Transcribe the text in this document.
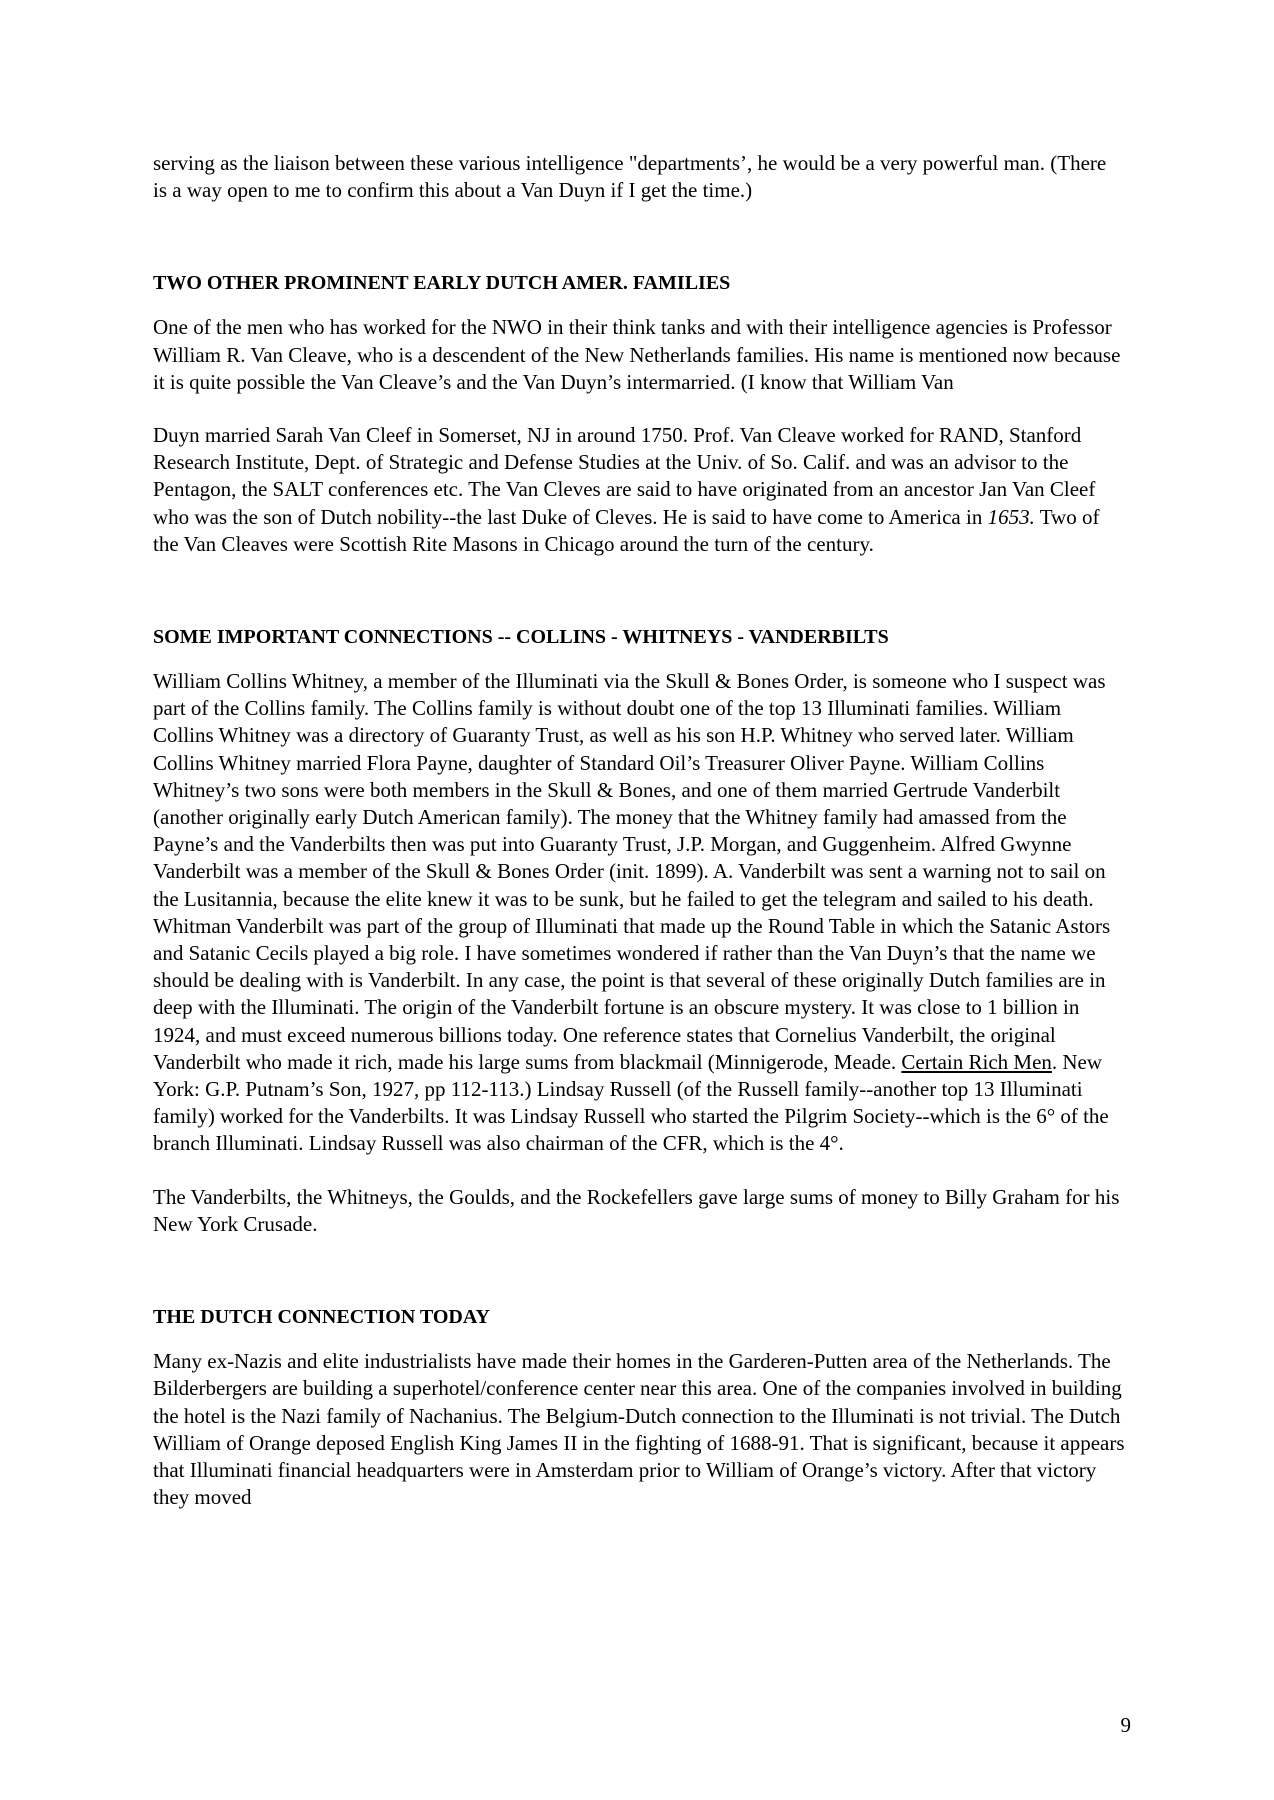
serving as the liaison between these various intelligence "departments’, he would be a very powerful man. (There is a way open to me to confirm this about a Van Duyn if I get the time.)

TWO OTHER PROMINENT EARLY DUTCH AMER. FAMILIES

One of the men who has worked for the NWO in their think tanks and with their intelligence agencies is Professor William R. Van Cleave, who is a descendent of the New Netherlands families. His name is mentioned now because it is quite possible the Van Cleave’s and the Van Duyn’s intermarried. (I know that William Van

Duyn married Sarah Van Cleef in Somerset, NJ in around 1750. Prof. Van Cleave worked for RAND, Stanford Research Institute, Dept. of Strategic and Defense Studies at the Univ. of So. Calif. and was an advisor to the Pentagon, the SALT conferences etc. The Van Cleves are said to have originated from an ancestor Jan Van Cleef who was the son of Dutch nobility--the last Duke of Cleves. He is said to have come to America in 1653. Two of the Van Cleaves were Scottish Rite Masons in Chicago around the turn of the century.

SOME IMPORTANT CONNECTIONS -- COLLINS - WHITNEYS - VANDERBILTS

William Collins Whitney, a member of the Illuminati via the Skull & Bones Order, is someone who I suspect was part of the Collins family. The Collins family is without doubt one of the top 13 Illuminati families. William Collins Whitney was a directory of Guaranty Trust, as well as his son H.P. Whitney who served later. William Collins Whitney married Flora Payne, daughter of Standard Oil’s Treasurer Oliver Payne. William Collins Whitney’s two sons were both members in the Skull & Bones, and one of them married Gertrude Vanderbilt (another originally early Dutch American family). The money that the Whitney family had amassed from the Payne’s and the Vanderbilts then was put into Guaranty Trust, J.P. Morgan, and Guggenheim. Alfred Gwynne Vanderbilt was a member of the Skull & Bones Order (init. 1899). A. Vanderbilt was sent a warning not to sail on the Lusitannia, because the elite knew it was to be sunk, but he failed to get the telegram and sailed to his death. Whitman Vanderbilt was part of the group of Illuminati that made up the Round Table in which the Satanic Astors and Satanic Cecils played a big role. I have sometimes wondered if rather than the Van Duyn’s that the name we should be dealing with is Vanderbilt. In any case, the point is that several of these originally Dutch families are in deep with the Illuminati. The origin of the Vanderbilt fortune is an obscure mystery. It was close to 1 billion in 1924, and must exceed numerous billions today. One reference states that Cornelius Vanderbilt, the original Vanderbilt who made it rich, made his large sums from blackmail (Minnigerode, Meade. Certain Rich Men. New York: G.P. Putnam’s Son, 1927, pp 112-113.) Lindsay Russell (of the Russell family--another top 13 Illuminati family) worked for the Vanderbilts. It was Lindsay Russell who started the Pilgrim Society--which is the 6° of the branch Illuminati. Lindsay Russell was also chairman of the CFR, which is the 4°.

The Vanderbilts, the Whitneys, the Goulds, and the Rockefellers gave large sums of money to Billy Graham for his New York Crusade.

THE DUTCH CONNECTION TODAY

Many ex-Nazis and elite industrialists have made their homes in the Garderen-Putten area of the Netherlands. The Bilderbergers are building a superhotel/conference center near this area. One of the companies involved in building the hotel is the Nazi family of Nachanius. The Belgium-Dutch connection to the Illuminati is not trivial. The Dutch William of Orange deposed English King James II in the fighting of 1688-91. That is significant, because it appears that Illuminati financial headquarters were in Amsterdam prior to William of Orange’s victory. After that victory they moved

9
